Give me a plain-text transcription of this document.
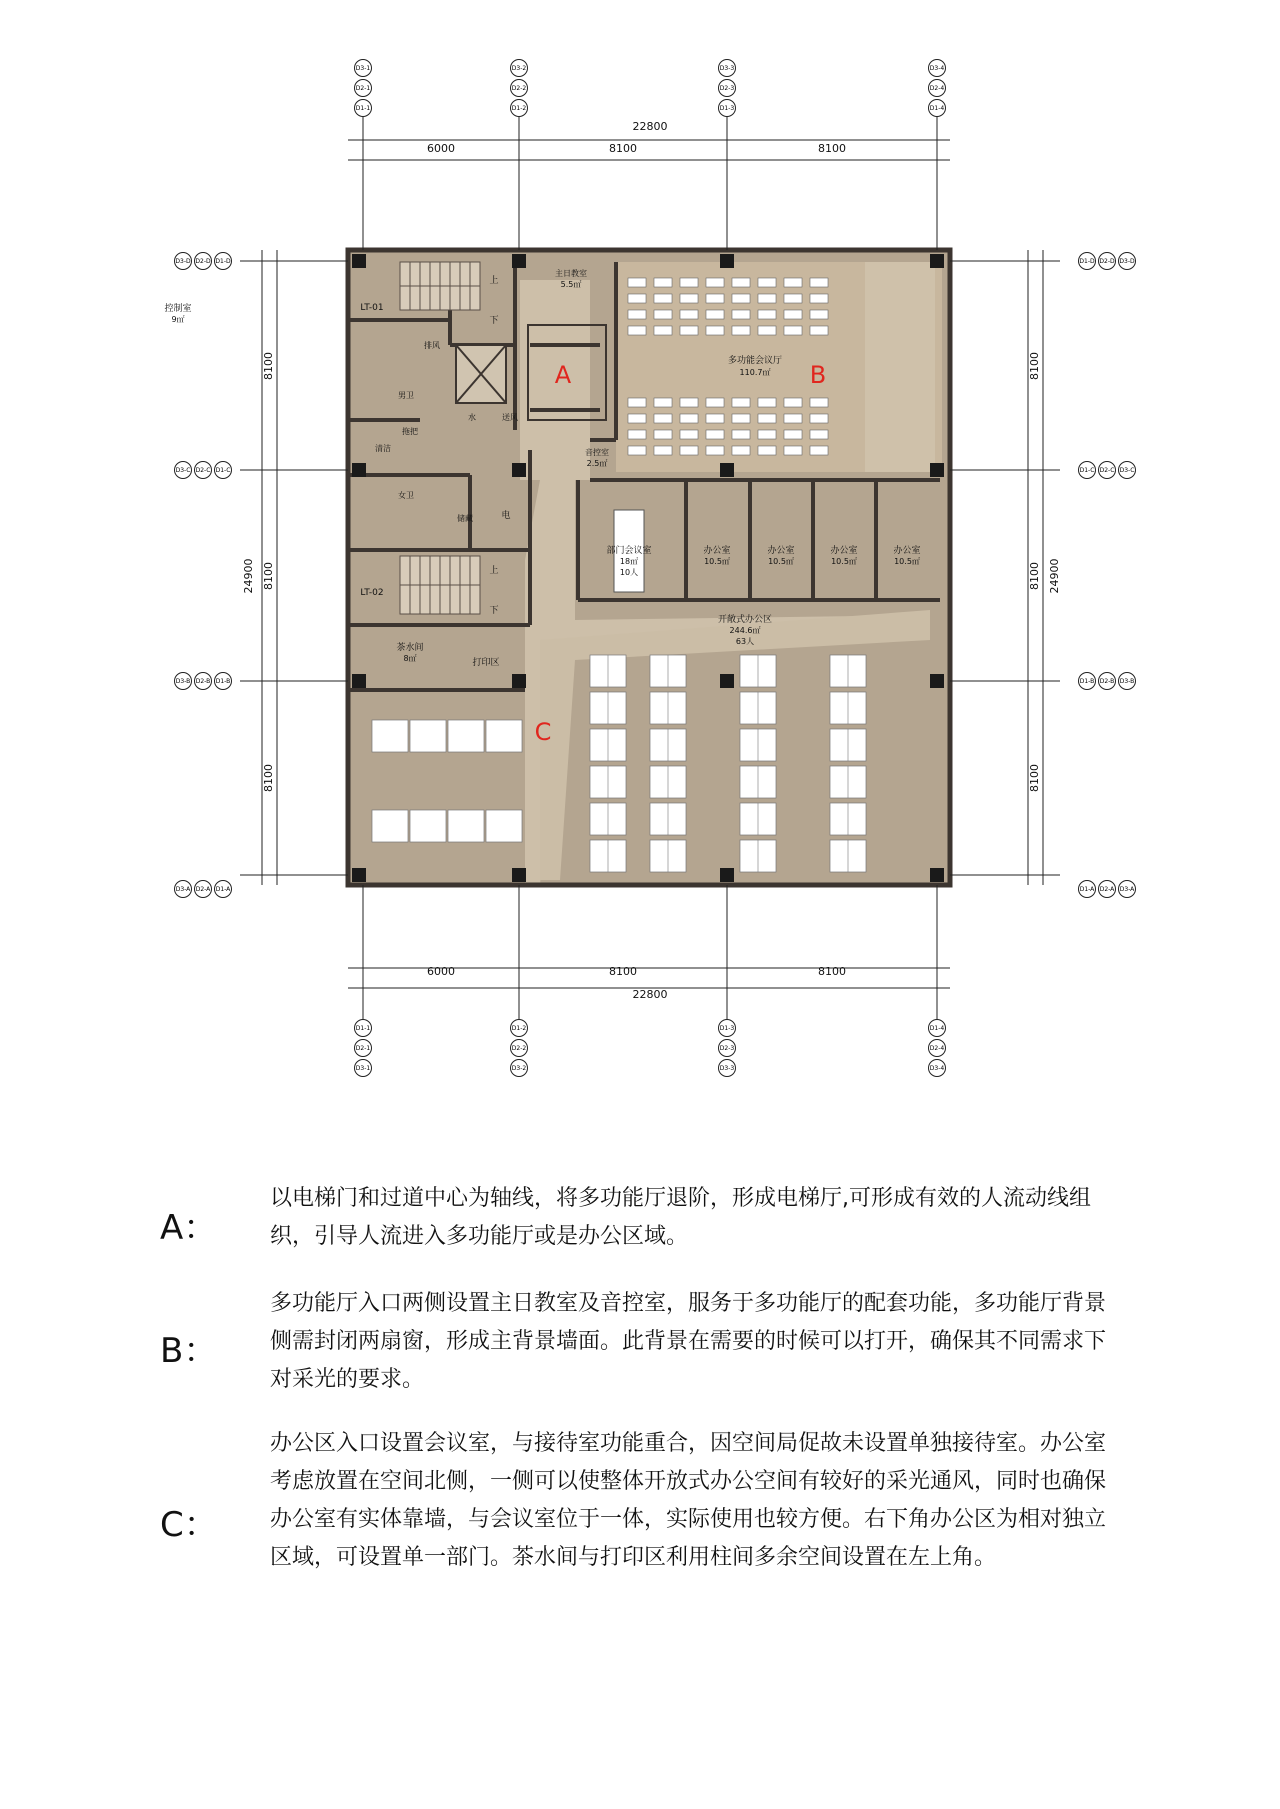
控制室
9㎡
LT-01
LT-02
上
下
上
下
排风
送风
水
电
男卫
女卫
清洁
储藏
拖把
主日教室
5.5㎡
多功能会议厅
110.7㎡
音控室
2.5㎡
部门会议室
18㎡
10人
办公室
10.5㎡
办公室
10.5㎡
办公室
10.5㎡
办公室
10.5㎡
开敞式办公区
244.6㎡
63人
茶水间
8㎡	打印区
A	B
C
22800
6000	8100	8100
6000	8100	8100
22800
8100
8100
8100
24900
8100
8100
8100
24900
D3-1
D2-1
D1-1
D1-1
D2-1
D3-1
D3-2
D2-2
D1-2
D1-2
D2-2
D3-2
D3-3
D2-3
D1-3
D1-3
D2-3
D3-3
D3-4
D2-4
D1-4
D1-4
D2-4
D3-4
D3-D D2-D D1-D	D1-D D2-D D3-D
D3-C D2-C D1-C	D1-C D2-C D3-C
D3-B D2-B D1-B	D1-B D2-B D3-B
D3-A D2-A D1-A	D1-A D2-A D3-A
A：
以电梯门和过道中心为轴线，将多功能厅退阶，形成电梯厅,可形成有效的人流动线组织，引导人流进入多功能厅或是办公区域。
B：
多功能厅入口两侧设置主日教室及音控室，服务于多功能厅的配套功能，多功能厅背景侧需封闭两扇窗，形成主背景墙面。此背景在需要的时候可以打开，确保其不同需求下对采光的要求。
C：
办公区入口设置会议室，与接待室功能重合，因空间局促故未设置单独接待室。办公室考虑放置在空间北侧，一侧可以使整体开放式办公空间有较好的采光通风，同时也确保办公室有实体靠墙，与会议室位于一体，实际使用也较方便。右下角办公区为相对独立区域，可设置单一部门。茶水间与打印区利用柱间多余空间设置在左上角。
